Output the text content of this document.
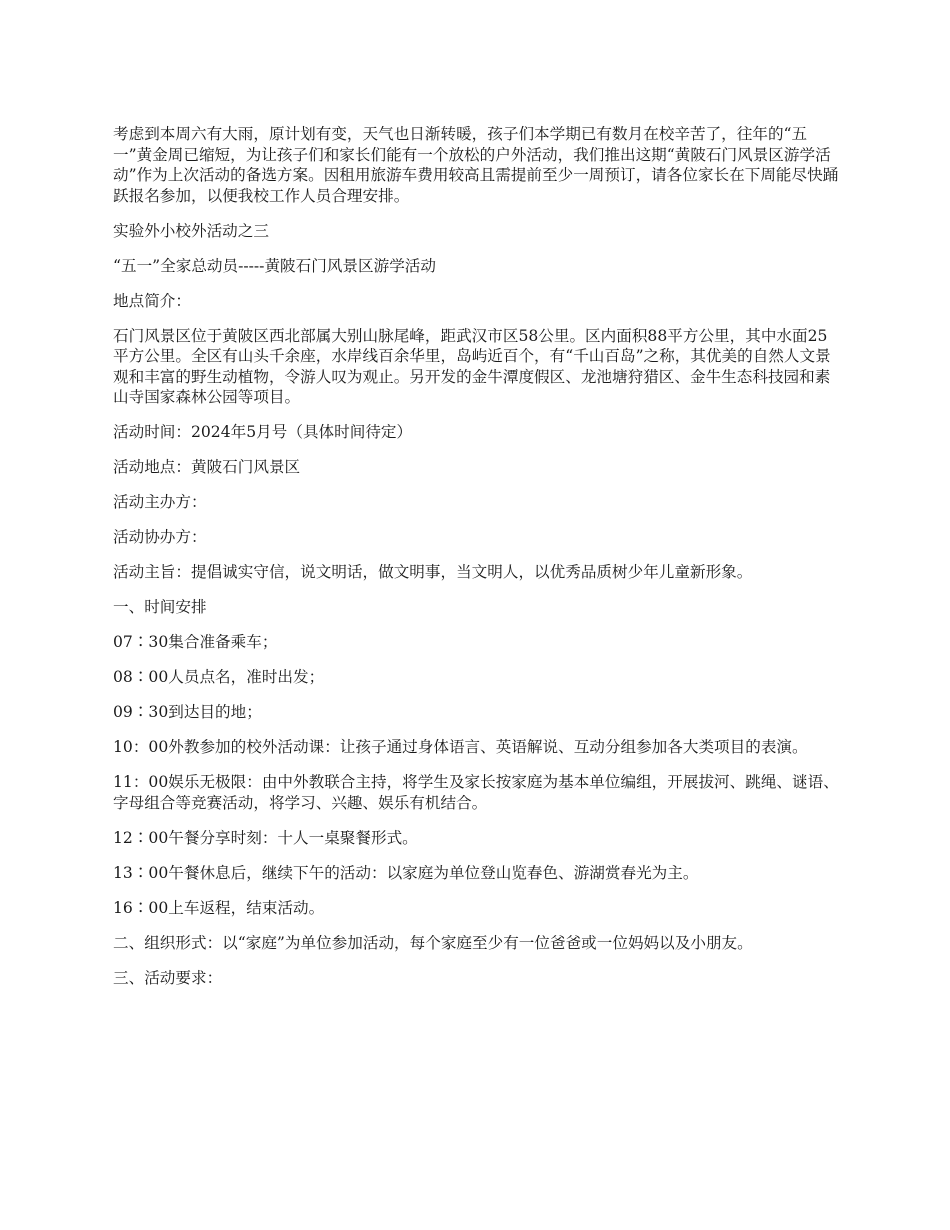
考虑到本周六有大雨，原计划有变，天气也日渐转暖，孩子们本学期已有数月在校辛苦了，往年的“五一”黄金周已缩短，为让孩子们和家长们能有一个放松的户外活动，我们推出这期“黄陂石门风景区游学活动”作为上次活动的备选方案。因租用旅游车费用较高且需提前至少一周预订，请各位家长在下周能尽快踊跃报名参加，以便我校工作人员合理安排。

实验外小校外活动之三

“五一”全家总动员-----黄陂石门风景区游学活动

地点简介：

石门风景区位于黄陂区西北部属大别山脉尾峰，距武汉市区58公里。区内面积88平方公里，其中水面25平方公里。全区有山头千余座，水岸线百余华里，岛屿近百个，有“千山百岛”之称，其优美的自然人文景观和丰富的野生动植物，令游人叹为观止。另开发的金牛潭度假区、龙池塘狩猎区、金牛生态科技园和素山寺国家森林公园等项目。

活动时间：2024年5月号（具体时间待定）

活动地点：黄陂石门风景区

活动主办方：

活动协办方：

活动主旨：提倡诚实守信，说文明话，做文明事，当文明人，以优秀品质树少年儿童新形象。

一、时间安排

07∶30集合准备乘车；

08∶00人员点名，准时出发；

09∶30到达目的地；

10：00外教参加的校外活动课：让孩子通过身体语言、英语解说、互动分组参加各大类项目的表演。

11：00娱乐无极限：由中外教联合主持，将学生及家长按家庭为基本单位编组，开展拔河、跳绳、谜语、字母组合等竞赛活动，将学习、兴趣、娱乐有机结合。

12∶00午餐分享时刻：十人一桌聚餐形式。

13∶00午餐休息后，继续下午的活动：以家庭为单位登山览春色、游湖赏春光为主。

16∶00上车返程，结束活动。

二、组织形式：以“家庭”为单位参加活动，每个家庭至少有一位爸爸或一位妈妈以及小朋友。

三、活动要求：
